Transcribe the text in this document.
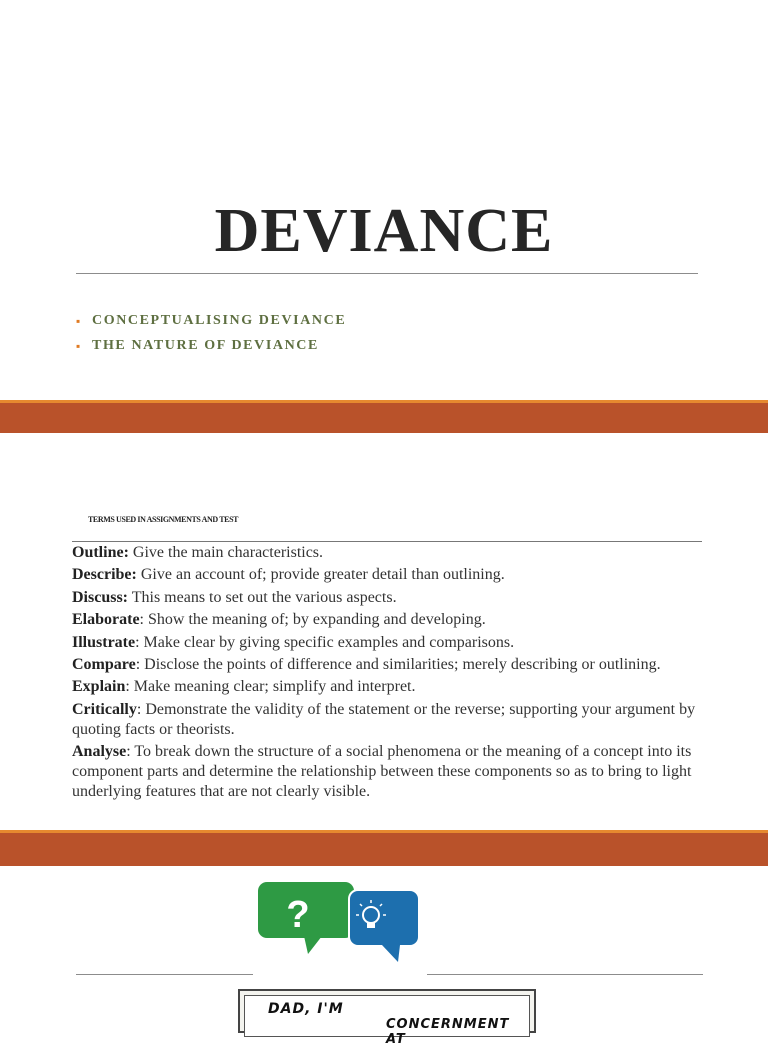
DEVIANCE
▪ CONCEPTUALISING DEVIANCE
▪ THE NATURE OF DEVIANCE
TERMS USED IN ASSIGNMENTS AND TEST

Outline: Give the main characteristics.

Describe: Give an account of; provide greater detail than outlining.

Discuss: This means to set out the various aspects.

Elaborate: Show the meaning of; by expanding and developing.

Illustrate: Make clear by giving specific examples and comparisons.

Compare: Disclose the points of difference and similarities; merely describing or outlining.

Explain: Make meaning clear; simplify and interpret.

Critically: Demonstrate the validity of the statement or the reverse; supporting your argument by quoting facts or theorists.

Analyse: To break down the structure of a social phenomena or the meaning of a concept into its component parts and determine the relationship between these components so as to bring to light underlying features that are not clearly visible.

?
DAD, I'M
CONCERNMENT AT
